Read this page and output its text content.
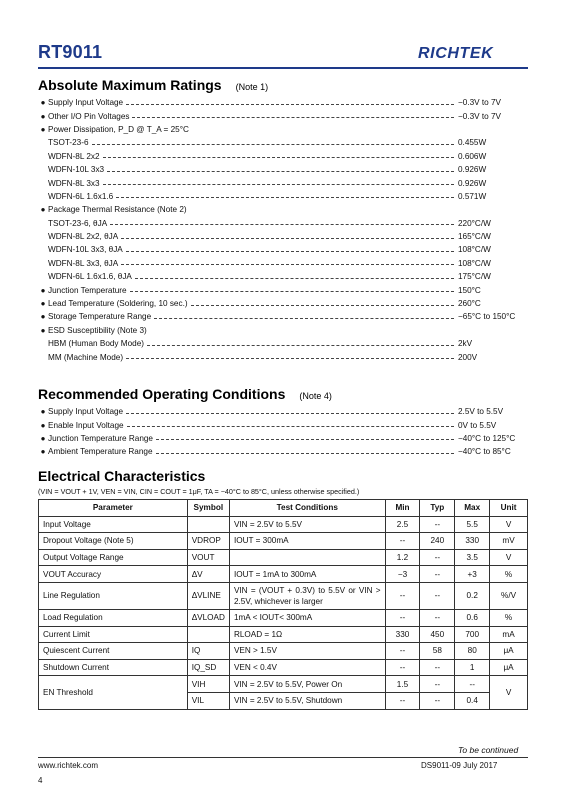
RT9011	RICHTEK
Absolute Maximum Ratings (Note 1)
● Supply Input Voltage	−0.3V to 7V
● Other I/O Pin Voltages	−0.3V to 7V
● Power Dissipation, P_D @ T_A = 25°C
TSOT-23-6	0.455W
WDFN-8L 2x2	0.606W
WDFN-10L 3x3	0.926W
WDFN-8L 3x3	0.926W
WDFN-6L 1.6x1.6	0.571W
● Package Thermal Resistance (Note 2)
TSOT-23-6, θJA	220°C/W
WDFN-8L 2x2, θJA	165°C/W
WDFN-10L 3x3, θJA	108°C/W
WDFN-8L 3x3, θJA	108°C/W
WDFN-6L 1.6x1.6, θJA	175°C/W
● Junction Temperature	150°C
● Lead Temperature (Soldering, 10 sec.)	260°C
● Storage Temperature Range	−65°C to 150°C
● ESD Susceptibility (Note 3)
HBM (Human Body Mode)	2kV
MM (Machine Mode)	200V
Recommended Operating Conditions (Note 4)
● Supply Input Voltage	2.5V to 5.5V
● Enable Input Voltage	0V to 5.5V
● Junction Temperature Range	−40°C to 125°C
● Ambient Temperature Range	−40°C to 85°C
Electrical Characteristics
(VIN = VOUT + 1V, VEN = VIN, CIN = COUT = 1μF, TA = −40°C to 85°C, unless otherwise specified.)
Parameter	Symbol	Test Conditions	Min	Typ	Max	Unit
Input Voltage		VIN = 2.5V to 5.5V	2.5	--	5.5	V
Dropout Voltage (Note 5)	VDROP	IOUT = 300mA	--	240	330	mV
Output Voltage Range	VOUT		1.2	--	3.5	V
VOUT Accuracy	ΔV	IOUT = 1mA to 300mA	−3	--	+3	%
Line Regulation	ΔVLINE	VIN = (VOUT + 0.3V) to 5.5V or VIN > 2.5V, whichever is larger	--	--	0.2	%/V
Load Regulation	ΔVLOAD	1mA < IOUT< 300mA	--	--	0.6	%
Current Limit		RLOAD = 1Ω	330	450	700	mA
Quiescent Current	IQ	VEN > 1.5V	--	58	80	μA
Shutdown Current	IQ_SD	VEN < 0.4V	--	--	1	μA
EN Threshold	VIH	VIN = 2.5V to 5.5V, Power On	1.5	--	--	V
	VIL	VIN = 2.5V to 5.5V, Shutdown	--	--	0.4	
To be continued
www.richtek.com	DS9011-09 July 2017
4
